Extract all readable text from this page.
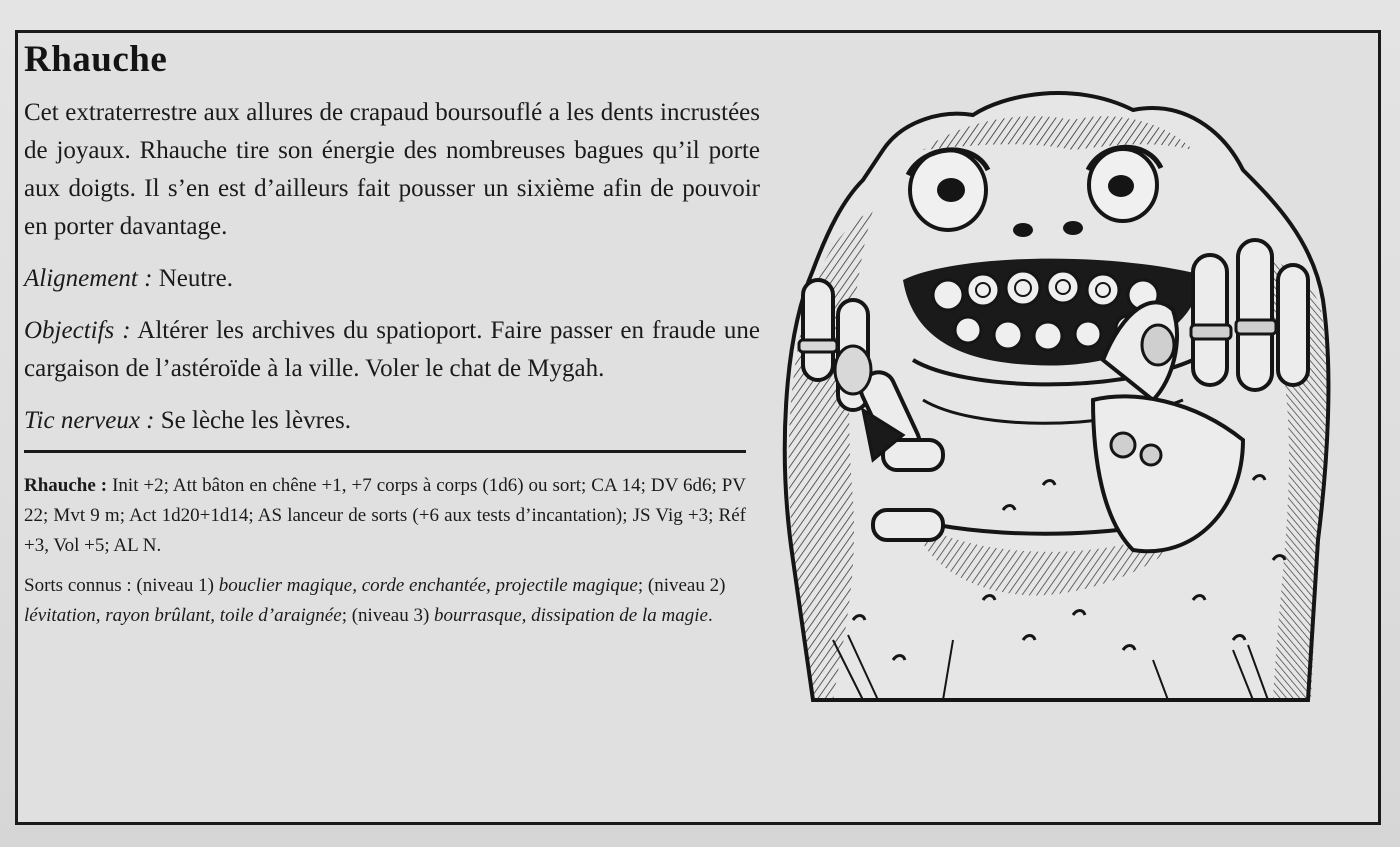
Rhauche

Cet extraterrestre aux allures de crapaud boursouflé a les dents incrustées de joyaux. Rhauche tire son énergie des nombreuses bagues qu’il porte aux doigts. Il s’en est d’ailleurs fait pousser un sixième afin de pouvoir en porter davantage.

Alignement : Neutre.

Objectifs : Altérer les archives du spatioport. Faire passer en fraude une cargaison de l’astéroïde à la ville. Voler le chat de Mygah.

Tic nerveux : Se lèche les lèvres.

Rhauche : Init +2; Att bâton en chêne +1, +7 corps à corps (1d6) ou sort; CA 14; DV 6d6; PV 22; Mvt 9 m; Act 1d20+1d14; AS lanceur de sorts (+6 aux tests d’incantation); JS Vig +3; Réf +3, Vol +5; AL N.

Sorts connus : (niveau 1) bouclier magique, corde enchantée, projectile magique; (niveau 2) lévitation, rayon brûlant, toile d’araignée; (niveau 3) bourrasque, dissipation de la magie.
